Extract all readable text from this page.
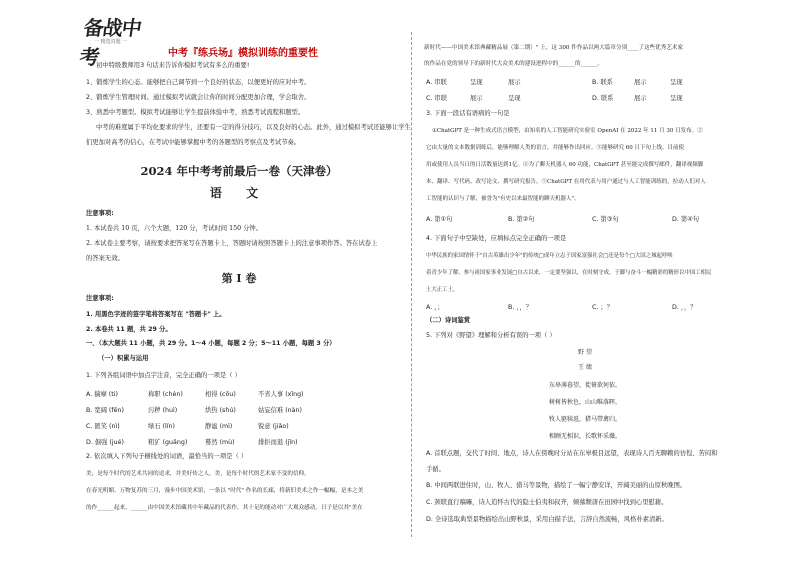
备战中考
一 精选真题 一
中考『练兵场』模拟训练的重要性
初中特级教师用3 句话来告诉你模拟考试有多么的重要!
1、锻炼学生的心态。能够把自己调节到一个良好的状态，以便更好的应对中考。
2、锻炼学生管理时间。通过模拟考试就会让你的时间分配更加合理，学会取舍。
3、熟悉中考题型。模拟考试能够让学生提前体验中考，熟悉考试流程和题型。
中考的难度属于平均化要求的学生，还要有一定的得分技巧，以及良好的心态。此外，通过模拟考试还能够让学生
们更加对高考的信心，在考试中能够掌握中考的各题型的考察点及考试节奏。
2024 年中考考前最后一卷（天津卷）
语 文
注意事项:
1. 本试卷共 10 页，六个大题，120 分，考试时间 150 分钟。
2. 本试卷主要考察，请按要求把答案写在答题卡上，答题时请按照答题卡上的注意事项作答。答在试卷上
的答案无效。
第 I 卷
注意事项:
1. 用黑色字迹的签字笔将答案写在 "答题卡" 上。
2. 本卷共 11 题，共 29 分。
一、（本大题共 11 小题，共 29 分。1～4 小题，每题 2 分；5～11 小题，每题 3 分）
（一）积累与运用
1. 下列各组词语中加点字注音，完全正确的一项是（ ）
A. 揣摩 (ti)	称职 (chèn)	相得 (cōu)	不省人事 (xǐng)
B. 宽阔 (fēn)	污秽 (huì)	烘热 (shú)	姑妄信难 (nàn)
C. 匿笑 (nì)	绿石 (lín)	静谧 (mì)	锐意 (jiǎo)
D. 倔强 (jué)	粗犷 (guǎng)	蓦然 (mù)	排拒而退 (jǐn)
2. 依次填入下列句子横线处的词语，最恰当的一项是（ ）
美，是每个时代的艺术共同的追求，并美好传之人。美，是每个时代的艺术家不变的信仰。
在春光明媚、万物复苏的三月，漫步中国美术馆，一条以 "时代" 作名的长廊，将新旧美术之作一幅幅，是本之美
的作______起来，______由中国美术馆藏其中年藏品的代表作，其十足的能动对广大观众感动。日子是以其"美在
新时代——中国美术馆典藏精品展（第二期）" 上，这 300 件作品以两大篇章分别____了这些优秀艺术家
的作品在党的领导下的新时代大众美术的建设进程中的______的______。
A. 串联	呈现	展示	B. 联系	展示	呈现
C. 串联	展示	呈现	D. 联系	展示	呈现
3. 下面一段话有语病的一句是
①ChatGPT 是一种生成式语言模型，由知名的人工智能研究实验室 OpenAI 在 2022 年 11 月 30 日发布。②
它由大量的文本数据训练后，能够理解人类的语言，并能够作出回应。③能够研究 60 日下旬上线，目前使
用或使用人员当日的日活数量达到1亿。④为了聊天机器人 60 功能，ChatGPT 甚至能完成撰写邮件，翻译视频脚
本、翻译、写代码、改写论文、撰写研究报告。⑤ChatGPT 在用代表与用户通过与人工智能训练的，拉动人们对人
工智能的认识与了解，被誉为"有史以来最智能的聊天机器人"。
A. 第①句	B. 第②句	C. 第③句	D. 第④句
4. 下面句子中空缺处，应填标点完全正确的一项是
中华民族的家国情怀于"自古英雄出少年"的传统□成年立志于国家富强社会□还是每个□大国之城起呼唤
着青少年了解、参与祖国家事业发展□自古以来，一定要坚强以，在时刻守成、于脚与奋斗一幅精彩的精形以中国工相民
土大正工土。
A. ，；	B. ，，？	C. ；？	D. ，，？
（二）诗词鉴赏
5. 下列对《野望》理解和分析有误的一项（ ）
野 望
王 绩
东皋薄暮望，徙倚欲何依。
树树皆秋色，山山唯落晖。
牧人驱犊返，猎马带禽归。
相顾无相识，长歌怀采薇。
A. 首联点题，交代了时间、地点，诗人在傍晚时分站在东皋极目远望，表现诗人百无聊赖的彷徨、苦闷和
手循。
B. 中间两联进住时，山、牧人、猎马等景物，描绘了一幅宁静安详，开阔美丽的山原秋晚图。
C. 颈联直行稿嘛，诗人追怀古代的隐士伯夷和叔齐，倾慕颓唐在田园中找到心里慰藉。
D. 全诗选取典型景物描绘出山野秋景，采用白描手法，言辞自然流畅，风格朴素清新。
